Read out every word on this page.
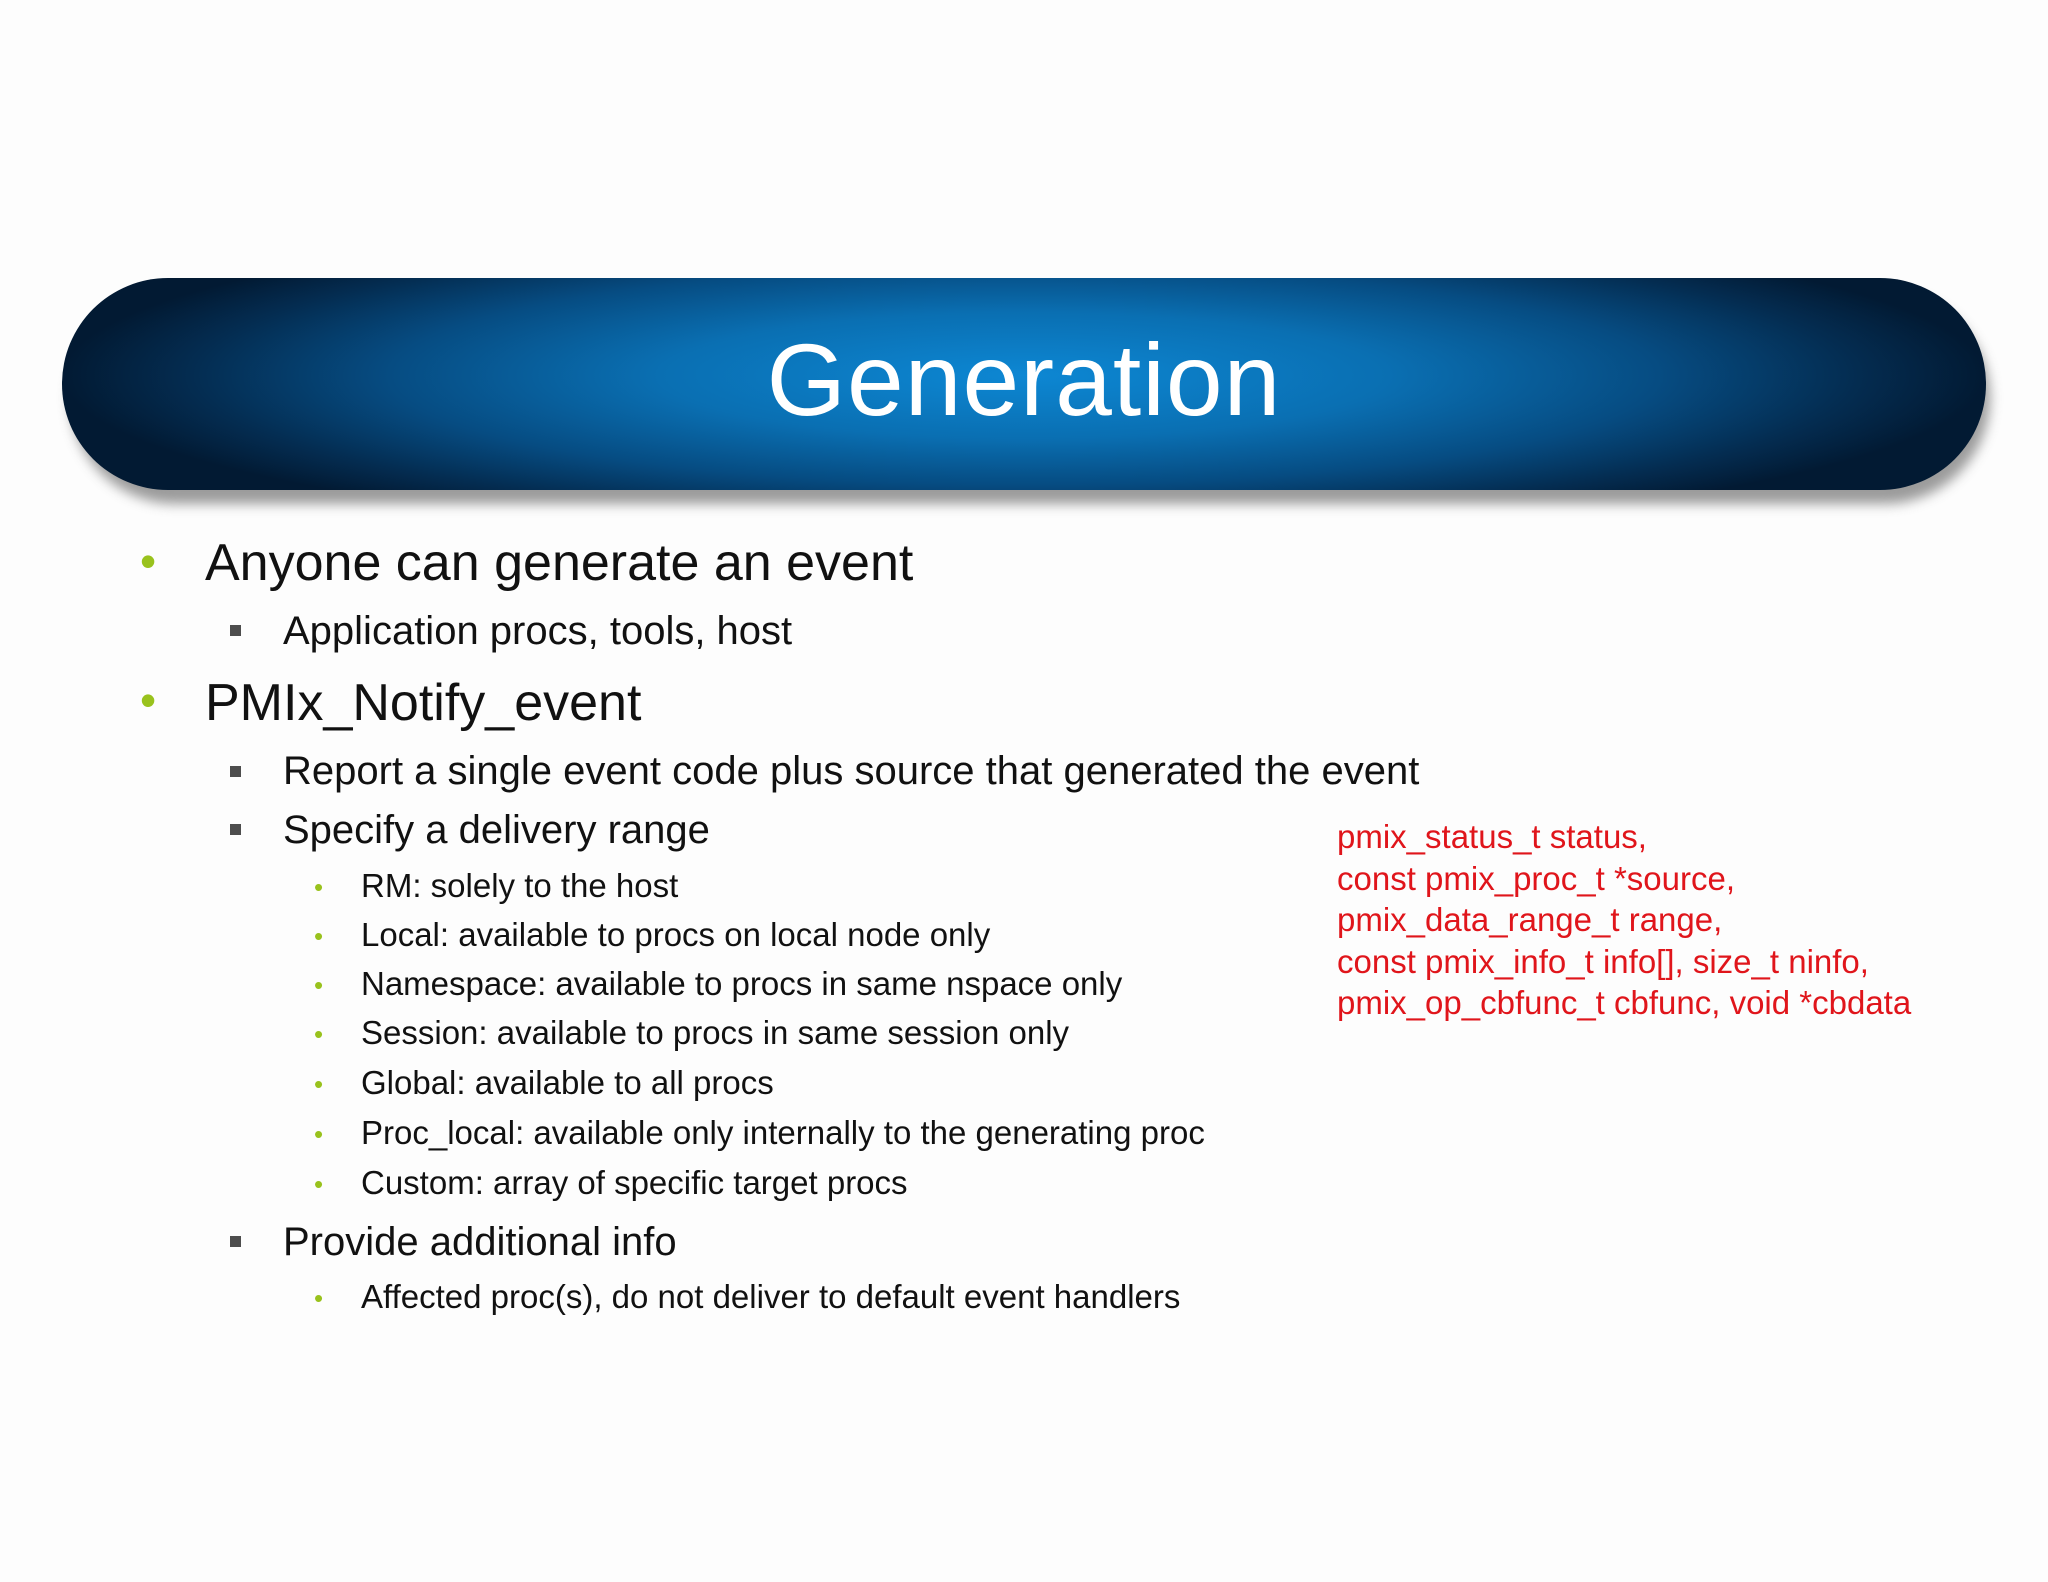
Generation
• Anyone can generate an event
Application procs, tools, host
• PMIx_Notify_event
Report a single event code plus source that generated the event
Specify a delivery range
• RM: solely to the host
• Local: available to procs on local node only
• Namespace: available to procs in same nspace only
• Session: available to procs in same session only
• Global: available to all procs
• Proc_local: available only internally to the generating proc
• Custom: array of specific target procs
Provide additional info
• Affected proc(s), do not deliver to default event handlers
pmix_status_t status,
const pmix_proc_t *source,
pmix_data_range_t range,
const pmix_info_t info[], size_t ninfo,
pmix_op_cbfunc_t cbfunc, void *cbdata
